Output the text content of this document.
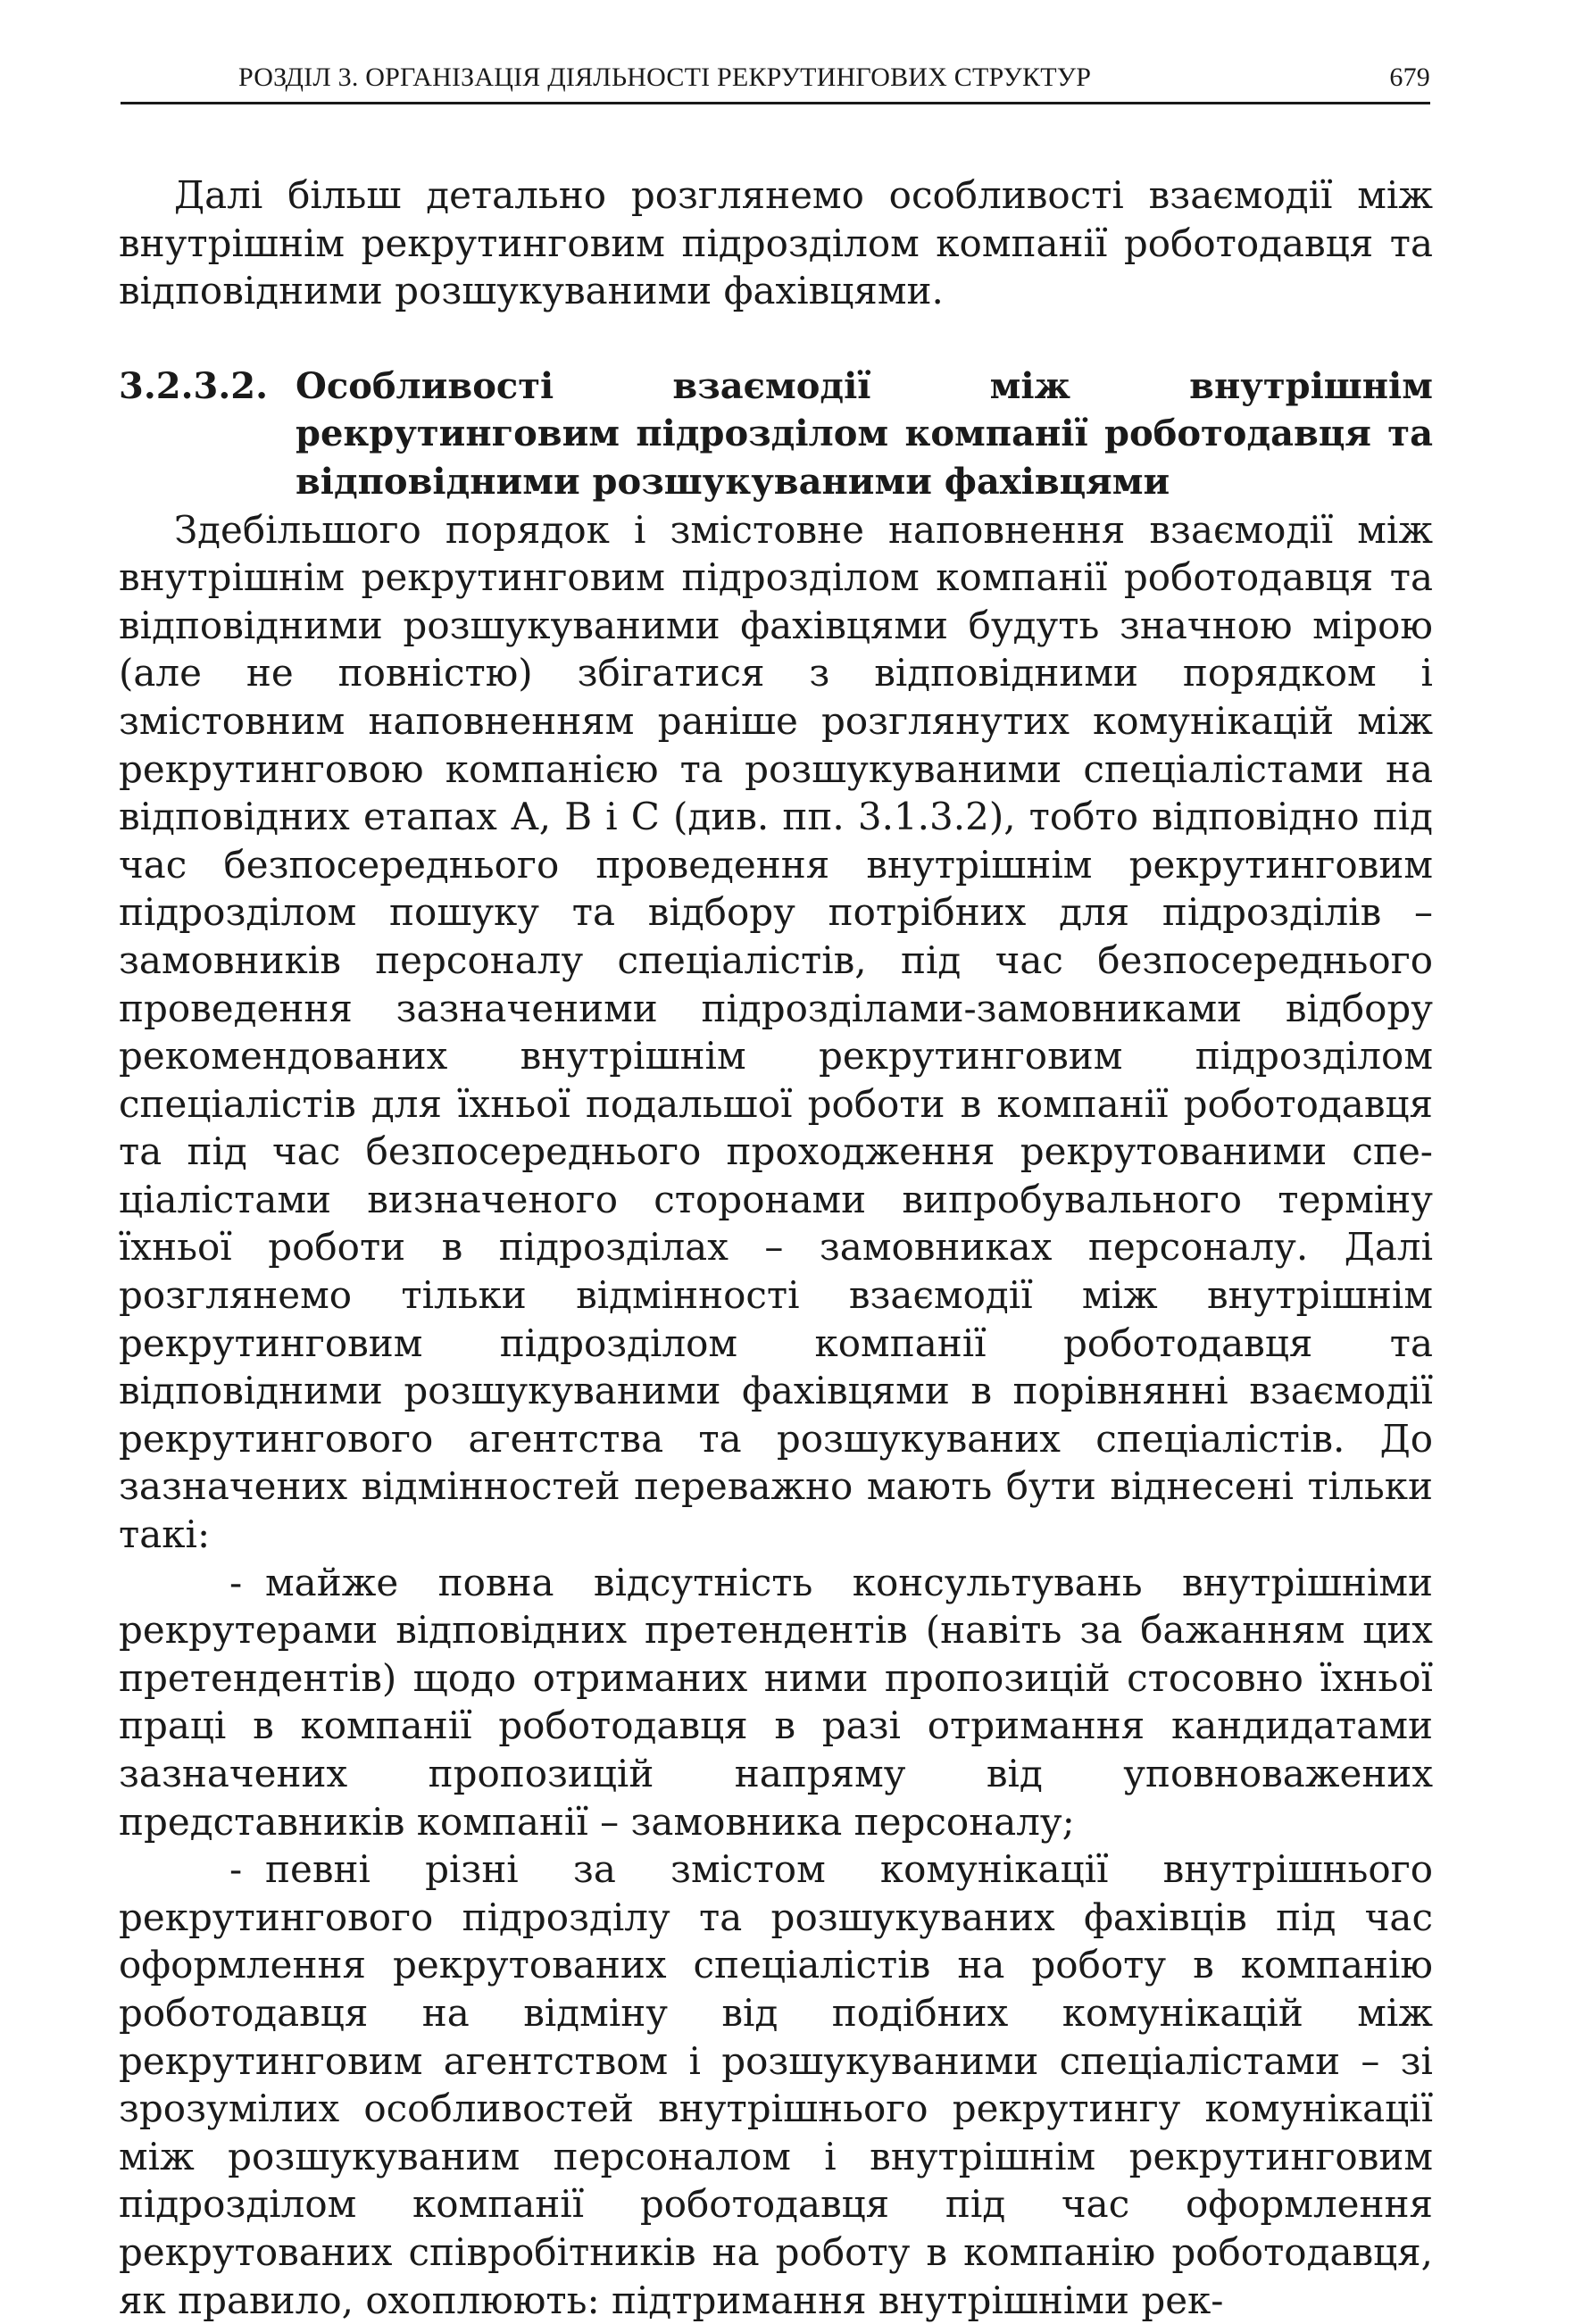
РОЗДІЛ 3. ОРГАНІЗАЦІЯ ДІЯЛЬНОСТІ РЕКРУТИНГОВИХ СТРУКТУР	679

Далі більш детально розглянемо особливості взаємодії між внутрішнім рекрутинговим підрозділом компанії роботодавця та відповідними розшукуваними фахівцями.

3.2.3.2. Особливості взаємодії між внутрішнім рекрутинговим підрозділом компанії роботодавця та відповідними розшукуваними фахівцями

Здебільшого порядок і змістовне наповнення взаємодії між внутрішнім рекрутинговим підрозділом компанії роботодавця та відповідними розшукуваними фахівцями будуть значною мірою (але не повністю) збігатися з відповідними порядком і змістовним наповненням раніше розглянутих комунікацій між рекрутинговою компанією та розшукуваними спеціалістами на відповідних етапах А, В і С (див. пп. 3.1.3.2), тобто відповідно під час безпосереднього проведення внутрішнім рекрутинговим підрозділом пошуку та відбору потрібних для підрозділів – замовників персоналу спеціалістів, під час безпосереднього проведення зазначеними підрозділами-замовниками відбору рекомендованих внутрішнім рекрутинговим підрозділом спеціалістів для їхньої подальшої роботи в компанії роботодавця та під час безпосереднього проходження рекрутованими спеціалістами визначеного сторонами випробувального терміну їхньої роботи в підрозділах – замовниках персоналу. Далі розглянемо тільки відмінності взаємодії між внутрішнім рекрутинговим підрозділом компанії роботодавця та відповідними розшукуваними фахівцями в порівнянні взаємодії рекрутингового агентства та розшукуваних спеціалістів. До зазначених відмінностей переважно мають бути віднесені тільки такі:

- майже повна відсутність консультувань внутрішніми рекрутерами відповідних претендентів (навіть за бажанням цих претендентів) щодо отриманих ними пропозицій стосовно їхньої праці в компанії роботодавця в разі отримання кандидатами зазначених пропозицій напряму від уповноважених представників компанії – замовника персоналу;

- певні різні за змістом комунікації внутрішнього рекрутингового підрозділу та розшукуваних фахівців під час оформлення рекрутованих спеціалістів на роботу в компанію роботодавця на відміну від подібних комунікацій між рекрутинговим агентством і розшукуваними спеціалістами – зі зрозумілих особливостей внутрішнього рекрутингу комунікації між розшукуваним персоналом і внутрішнім рекрутинговим підрозділом компанії роботодавця під час оформлення рекрутованих співробітників на роботу в компанію роботодавця, як правило, охоплюють: підтримання внутрішніми рек-
